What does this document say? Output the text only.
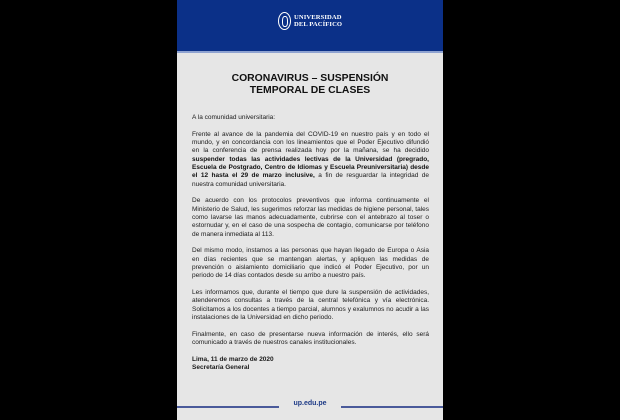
UNIVERSIDAD
DEL PACÍFICO
CORONAVIRUS – SUSPENSIÓN
TEMPORAL DE CLASES

A la comunidad universitaria:

Frente al avance de la pandemia del COVID-19 en nuestro país y en todo el mundo, y en concordancia con los lineamientos que el Poder Ejecutivo difundió en la conferencia de prensa realizada hoy por la mañana, se ha decidido suspender todas las actividades lectivas de la Universidad (pregrado, Escuela de Postgrado, Centro de Idiomas y Escuela Preuniversitaria) desde el 12 hasta el 29 de marzo inclusive, a fin de resguardar la integridad de nuestra comunidad universitaria.

De acuerdo con los protocolos preventivos que informa continuamente el Ministerio de Salud, les sugerimos reforzar las medidas de higiene personal, tales como lavarse las manos adecuadamente, cubrirse con el antebrazo al toser o estornudar y, en el caso de una sospecha de contagio, comunicarse por teléfono de manera inmediata al 113.

Del mismo modo, instamos a las personas que hayan llegado de Europa o Asia en días recientes que se mantengan alertas, y apliquen las medidas de prevención o aislamiento domiciliario que indicó el Poder Ejecutivo, por un periodo de 14 días contados desde su arribo a nuestro país.

Les informamos que, durante el tiempo que dure la suspensión de actividades, atenderemos consultas a través de la central telefónica y vía electrónica. Solicitamos a los docentes a tiempo parcial, alumnos y exalumnos no acudir a las instalaciones de la Universidad en dicho periodo.

Finalmente, en caso de presentarse nueva información de interés, ello será comunicado a través de nuestros canales institucionales.

Lima, 11 de marzo de 2020
Secretaría General
up.edu.pe
